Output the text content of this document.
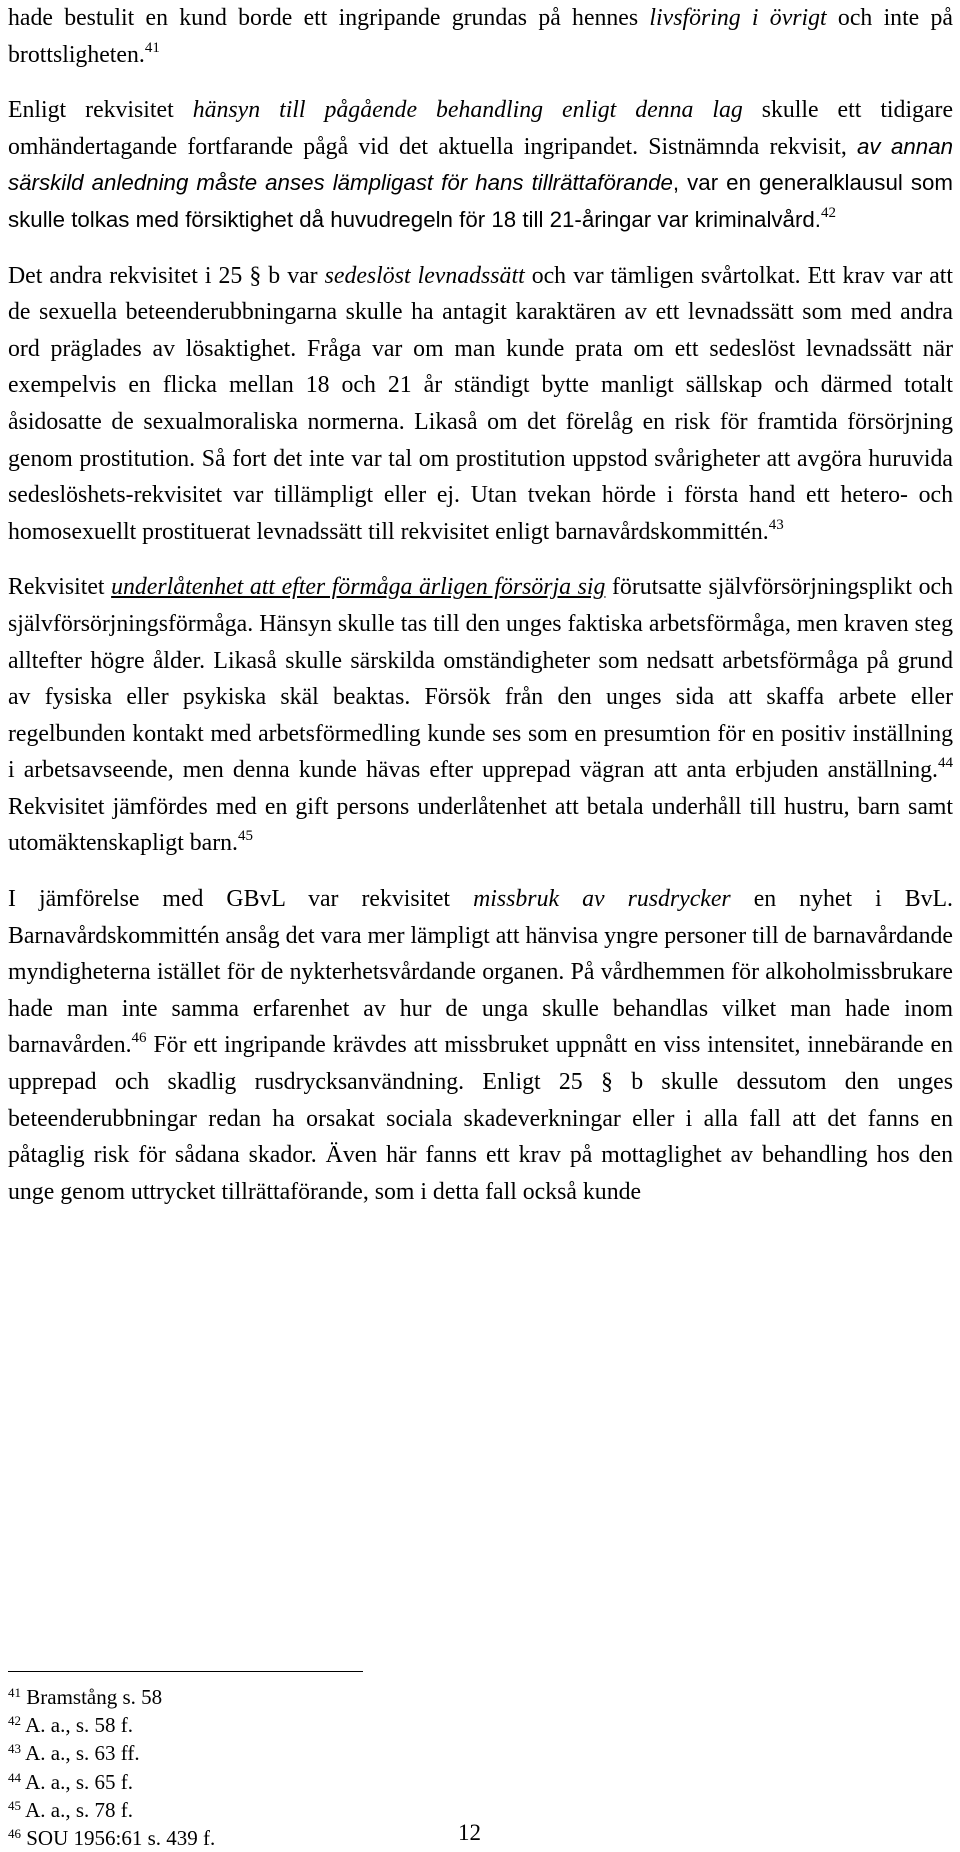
hade bestulit en kund borde ett ingripande grundas på hennes livsföring i övrigt och inte på brottsligheten.$^{41}$

Enligt rekvisitet hänsyn till pågående behandling enligt denna lag skulle ett tidigare omhändertagande fortfarande pågå vid det aktuella ingripandet. Sistnämnda rekvisit, av annan särskild anledning måste anses lämpligast för hans tillrättaförande, var en generalklausul som skulle tolkas med försiktighet då huvudregeln för 18 till 21-åringar var kriminalvård.$^{42}$

Det andra rekvisitet i 25 § b var sedeslöst levnadssätt och var tämligen svårtolkat. Ett krav var att de sexuella beteenderubbningarna skulle ha antagit karaktären av ett levnadssätt som med andra ord präglades av lösaktighet. Fråga var om man kunde prata om ett sedeslöst levnadssätt när exempelvis en flicka mellan 18 och 21 år ständigt bytte manligt sällskap och därmed totalt åsidosatte de sexualmoraliska normerna. Likaså om det förelåg en risk för framtida försörjning genom prostitution. Så fort det inte var tal om prostitution uppstod svårigheter att avgöra huruvida sedeslöshets-rekvisitet var tillämpligt eller ej. Utan tvekan hörde i första hand ett hetero- och homosexuellt prostituerat levnadssätt till rekvisitet enligt barnavårdskommittén.$^{43}$

Rekvisitet underlåtenhet att efter förmåga ärligen försörja sig förutsatte självförsörjningsplikt och självförsörjningsförmåga. Hänsyn skulle tas till den unges faktiska arbetsförmåga, men kraven steg alltefter högre ålder. Likaså skulle särskilda omständigheter som nedsatt arbetsförmåga på grund av fysiska eller psykiska skäl beaktas. Försök från den unges sida att skaffa arbete eller regelbunden kontakt med arbetsförmedling kunde ses som en presumtion för en positiv inställning i arbetsavseende, men denna kunde hävas efter upprepad vägran att anta erbjuden anställning.$^{44}$ Rekvisitet jämfördes med en gift persons underlåtenhet att betala underhåll till hustru, barn samt utomäktenskapligt barn.$^{45}$

I jämförelse med GBvL var rekvisitet missbruk av rusdrycker en nyhet i BvL. Barnavårdskommittén ansåg det vara mer lämpligt att hänvisa yngre personer till de barnavårdande myndigheterna istället för de nykterhetsvårdande organen. På vårdhemmen för alkoholmissbrukare hade man inte samma erfarenhet av hur de unga skulle behandlas vilket man hade inom barnavården.$^{46}$ För ett ingripande krävdes att missbruket uppnått en viss intensitet, innebärande en upprepad och skadlig rusdrycksanvändning. Enligt 25 § b skulle dessutom den unges beteenderubbningar redan ha orsakat sociala skadeverkningar eller i alla fall att det fanns en påtaglig risk för sådana skador. Även här fanns ett krav på mottaglighet av behandling hos den unge genom uttrycket tillrättaförande, som i detta fall också kunde

$^{41}$ Bramstång s. 58

$^{42}$ A. a., s. 58 f.

$^{43}$ A. a., s. 63 ff.

$^{44}$ A. a., s. 65 f.

$^{45}$ A. a., s. 78 f.

$^{46}$ SOU 1956:61 s. 439 f.	12
